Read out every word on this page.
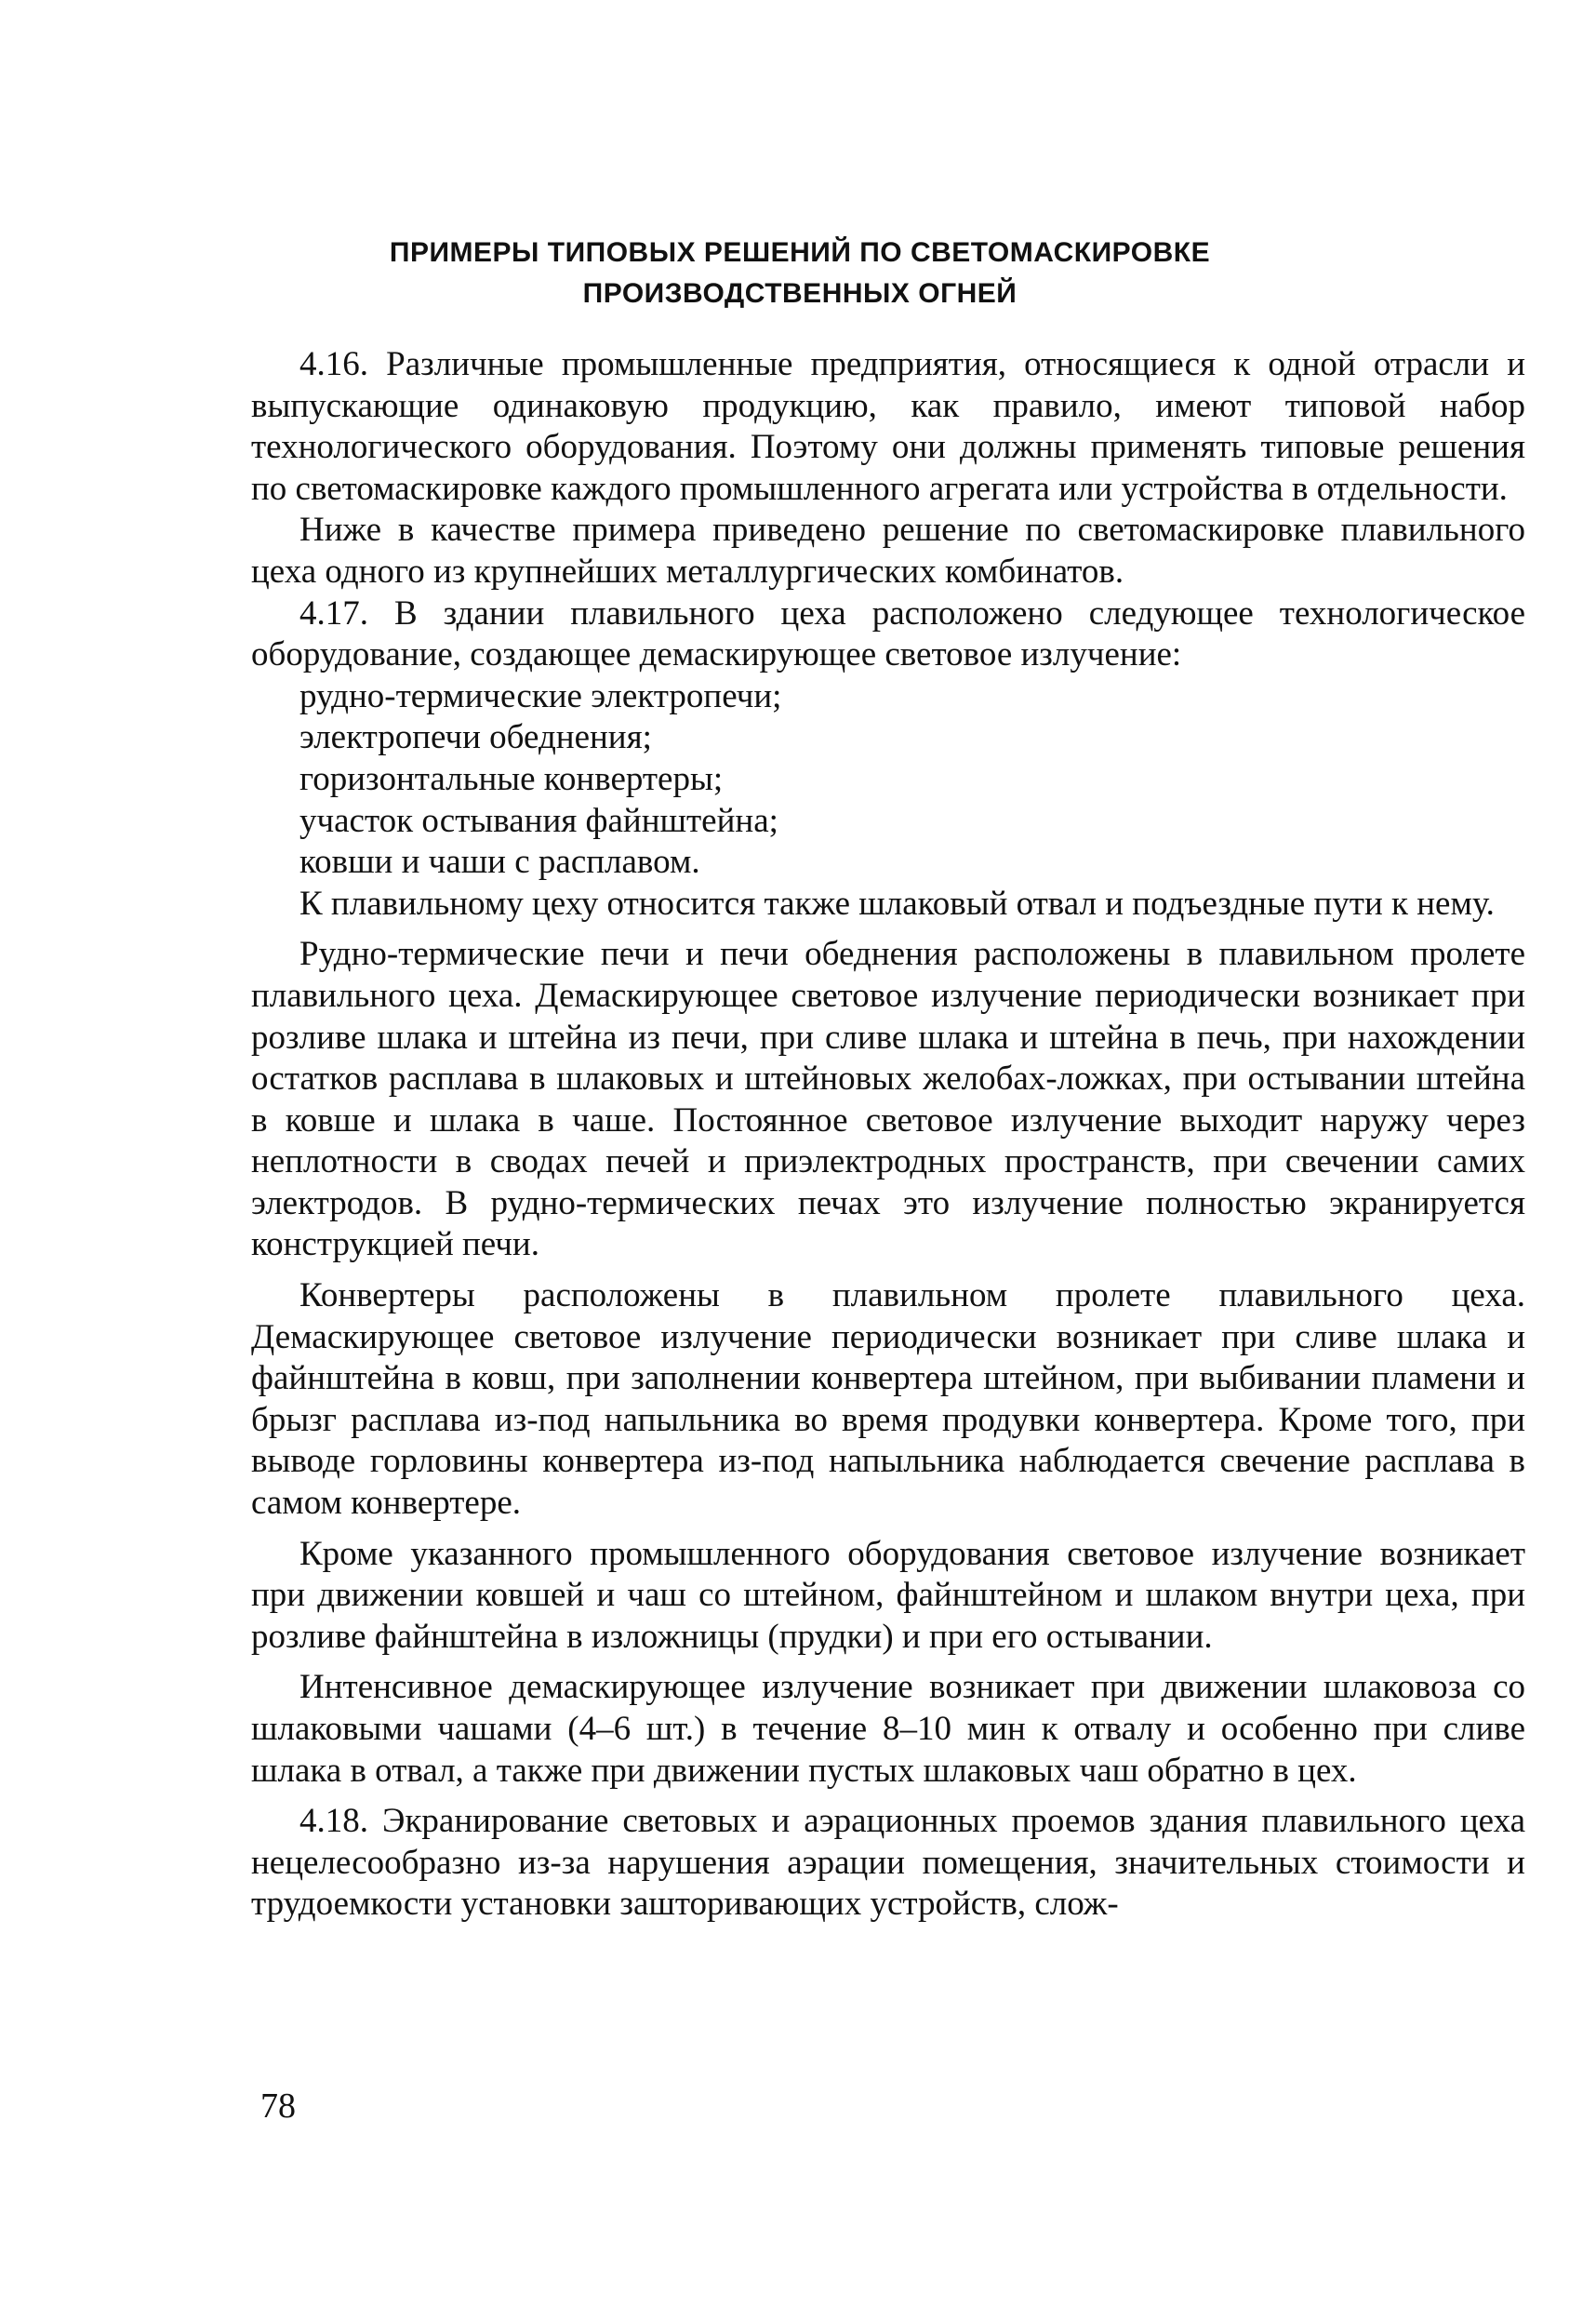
ПРИМЕРЫ ТИПОВЫХ РЕШЕНИЙ ПО СВЕТОМАСКИРОВКЕ
ПРОИЗВОДСТВЕННЫХ ОГНЕЙ

4.16. Различные промышленные предприятия, относящиеся к одной отрасли и выпускающие одинаковую продукцию, как правило, имеют типовой набор технологического оборудования. Поэтому они должны применять типовые решения по светомаскировке каждого промышленного агрегата или устройства в отдельности.

Ниже в качестве примера приведено решение по светомаскировке плавильного цеха одного из крупнейших металлургических комбинатов.

4.17. В здании плавильного цеха расположено следующее технологическое оборудование, создающее демаскирующее световое излучение:

рудно-термические электропечи;

электропечи обеднения;

горизонтальные конвертеры;

участок остывания файнштейна;

ковши и чаши с расплавом.

К плавильному цеху относится также шлаковый отвал и подъездные пути к нему.

Рудно-термические печи и печи обеднения расположены в плавильном пролете плавильного цеха. Демаскирующее световое излучение периодически возникает при розливе шлака и штейна из печи, при сливе шлака и штейна в печь, при нахождении остатков расплава в шлаковых и штейновых желобах-ложках, при остывании штейна в ковше и шлака в чаше. Постоянное световое излучение выходит наружу через неплотности в сводах печей и приэлектродных пространств, при свечении самих электродов. В рудно-термических печах это излучение полностью экранируется конструкцией печи.

Конвертеры расположены в плавильном пролете плавильного цеха. Демаскирующее световое излучение периодически возникает при сливе шлака и файнштейна в ковш, при заполнении конвертера штейном, при выбивании пламени и брызг расплава из-под напыльника во время продувки конвертера. Кроме того, при выводе горловины конвертера из-под напыльника наблюдается свечение расплава в самом конвертере.

Кроме указанного промышленного оборудования световое излучение возникает при движении ковшей и чаш со штейном, файнштейном и шлаком внутри цеха, при розливе файнштейна в изложницы (прудки) и при его остывании.

Интенсивное демаскирующее излучение возникает при движении шлаковоза со шлаковыми чашами (4–6 шт.) в течение 8–10 мин к отвалу и особенно при сливе шлака в отвал, а также при движении пустых шлаковых чаш обратно в цех.

4.18. Экранирование световых и аэрационных проемов здания плавильного цеха нецелесообразно из-за нарушения аэрации помещения, значительных стоимости и трудоемкости установки зашторивающих устройств, слож-

78
